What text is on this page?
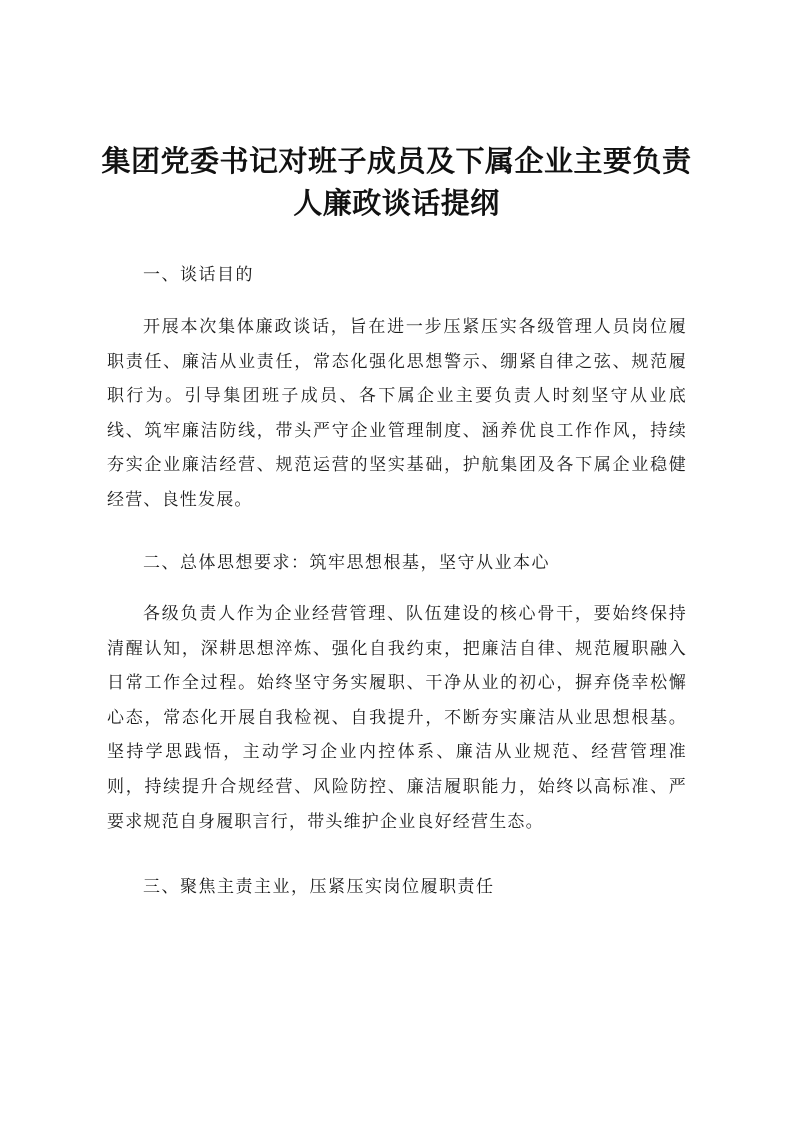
集团党委书记对班子成员及下属企业主要负责
人廉政谈话提纲

一、谈话目的

开展本次集体廉政谈话，旨在进一步压紧压实各级管理人员岗位履职责任、廉洁从业责任，常态化强化思想警示、绷紧自律之弦、规范履职行为。引导集团班子成员、各下属企业主要负责人时刻坚守从业底线、筑牢廉洁防线，带头严守企业管理制度、涵养优良工作作风，持续夯实企业廉洁经营、规范运营的坚实基础，护航集团及各下属企业稳健经营、良性发展。

二、总体思想要求：筑牢思想根基，坚守从业本心

各级负责人作为企业经营管理、队伍建设的核心骨干，要始终保持清醒认知，深耕思想淬炼、强化自我约束，把廉洁自律、规范履职融入日常工作全过程。始终坚守务实履职、干净从业的初心，摒弃侥幸松懈心态，常态化开展自我检视、自我提升，不断夯实廉洁从业思想根基。坚持学思践悟，主动学习企业内控体系、廉洁从业规范、经营管理准则，持续提升合规经营、风险防控、廉洁履职能力，始终以高标准、严要求规范自身履职言行，带头维护企业良好经营生态。

三、聚焦主责主业，压紧压实岗位履职责任
